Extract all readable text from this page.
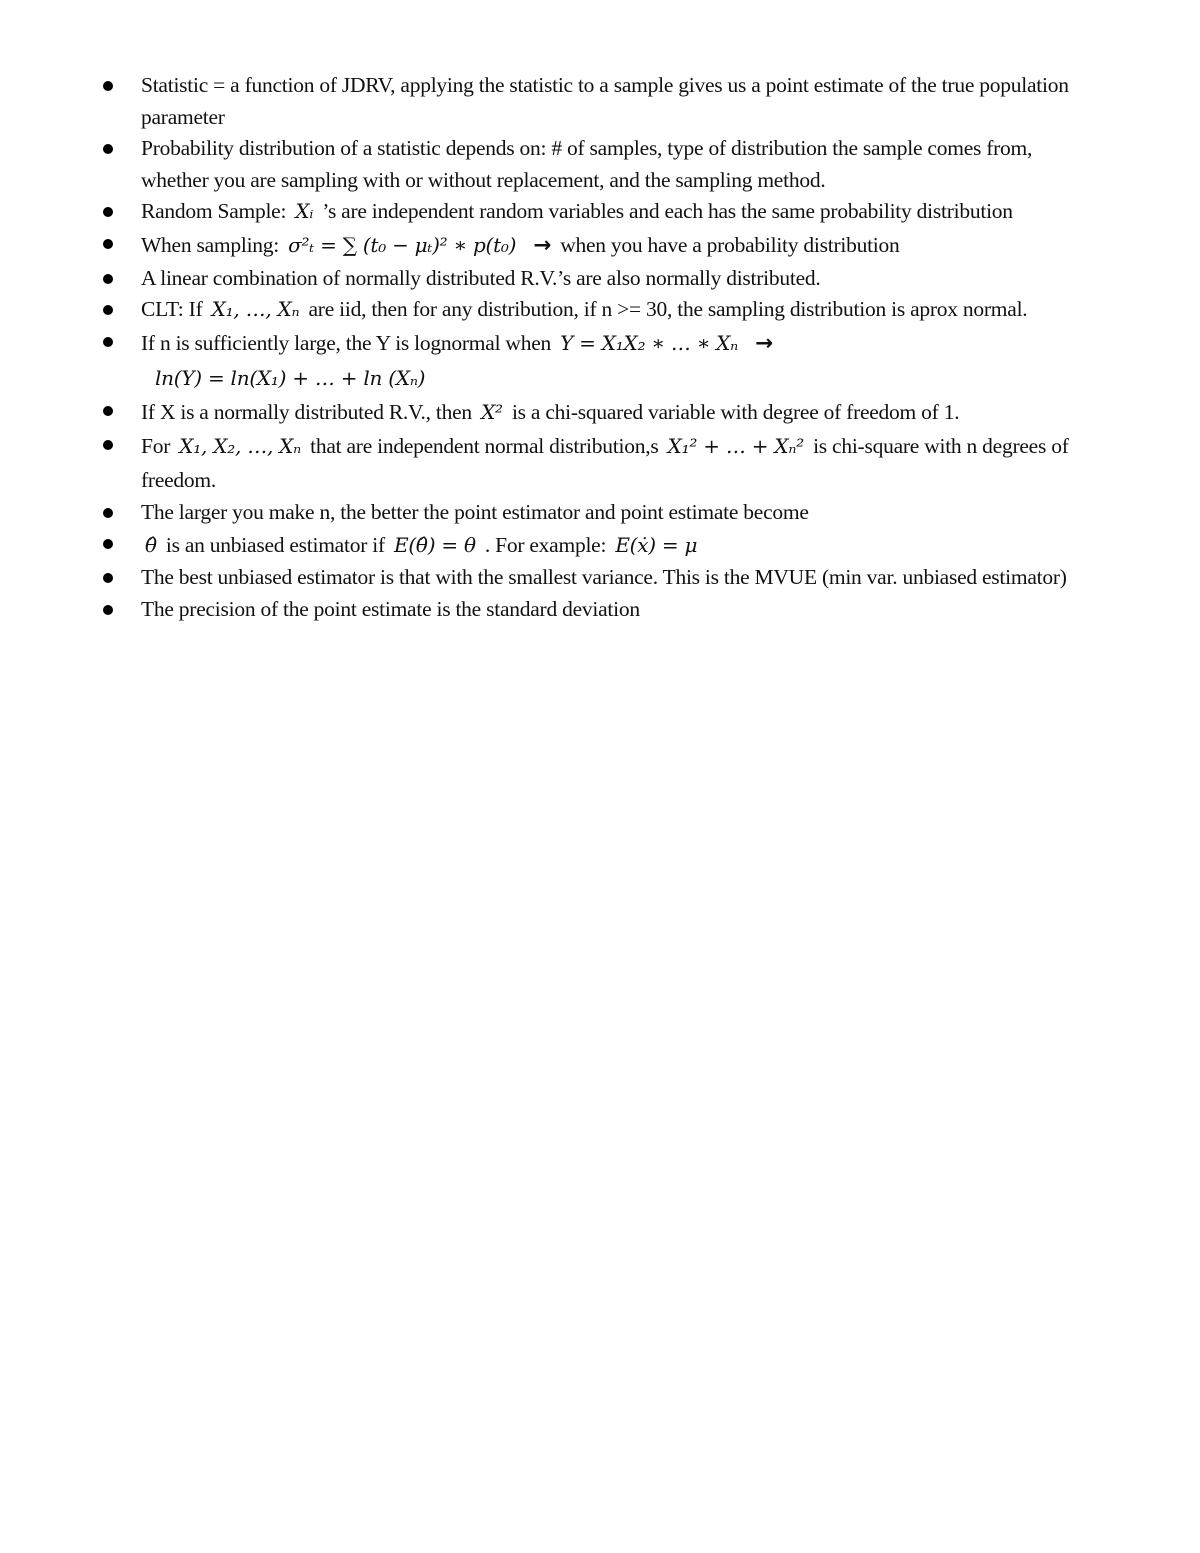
Statistic = a function of JDRV, applying the statistic to a sample gives us a point estimate of the true population parameter
Probability distribution of a statistic depends on: # of samples, type of distribution the sample comes from, whether you are sampling with or without replacement, and the sampling method.
Random Sample: Xᵢ ’s are independent random variables and each has the same probability distribution
When sampling: σ²ₜ = ∑ (t₀ − μₜ)² ∗ p(t₀) → when you have a probability distribution
A linear combination of normally distributed R.V.’s are also normally distributed.
CLT: If X₁, …, Xₙ are iid, then for any distribution, if n >= 30, the sampling distribution is aprox normal.
If n is sufficiently large, the Y is lognormal when Y = X₁X₂ ∗ … ∗ Xₙ →
ln(Y) = ln(X₁) + … + ln (Xₙ)
If X is a normally distributed R.V., then X² is a chi-squared variable with degree of freedom of 1.
For X₁, X₂, …, Xₙ that are independent normal distribution,s X₁² + … + Xₙ² is chi-square with n degrees of freedom.
The larger you make n, the better the point estimator and point estimate become
θ̂ is an unbiased estimator if E(θ̂) = θ . For example: E(ẋ) = μ
The best unbiased estimator is that with the smallest variance. This is the MVUE (min var. unbiased estimator)
The precision of the point estimate is the standard deviation
